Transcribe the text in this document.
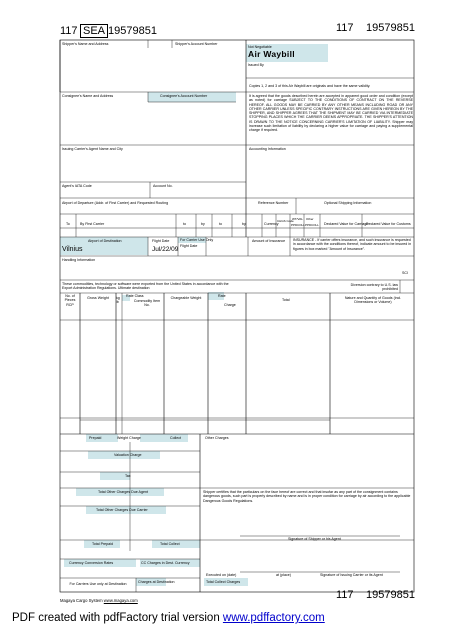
117 SEA 19579851	117 19579851
Shipper's Name and Address	Shipper's Account Number
Not Negotiable
Air Waybill
Issued By
Copies 1, 2 and 3 of this Air Waybill are originals and have the same validity.
Consignee's Name and Address	Consignee's Account Number	It is agreed that the goods described herein are accepted in apparent good order and condition (except as noted) for carriage SUBJECT TO THE CONDITIONS OF CONTRACT ON THE REVERSE HEREOF. ALL GOODS MAY BE CARRIED BY ANY OTHER MEANS INCLUDING ROAD OR ANY OTHER CARRIER UNLESS SPECIFIC CONTRARY INSTRUCTIONS ARE GIVEN HEREON BY THE SHIPPER, AND SHIPPER AGREES THAT THE SHIPMENT MAY BE CARRIED VIA INTERMEDIATE STOPPING PLACES WHICH THE CARRIER DEEMS APPROPRIATE. THE SHIPPER'S ATTENTION IS DRAWN TO THE NOTICE CONCERNING CARRIER'S LIMITATION OF LIABILITY. Shipper may increase such limitation of liability by declaring a higher value for carriage and paying a supplemental charge if required.
Issuing Carrier's Agent Name and City	Accounting Information
Agent's IATA Code	Account No.
Airport of Departure (Addr. of First Carrier) and Requested Routing	Reference Number	Optional Shipping Information
To	By First Carrier	to	by	to	by	Currency
CHGS Code
WT/VAL Other
PPD COLL PPD COLL Declared Value for Carriage
Declared Value for Customs
Airport of Destination
Vilnius
Flight Date
Jul/22/09
For Carrier Use Only
Flight Date
Amount of Insurance INSURANCE - If carrier offers insurance, and such insurance is requested in accordance with the conditions thereof, indicate amount to be insured in figures in box marked "Amount of Insurance".
Handling Information
These commodities, technology or software were exported from the United States in accordance with the Export Administration Regulations. Ultimate destination
Diversion contrary to U.S. law prohibited
SCI
No. of Pieces RCP
Gross Weight	kg lb
Rate Class
Commodity Item No.
Chargeable Weight	Rate
Charge
Total	Nature and Quantity of Goods (incl. Dimensions or Volume)
Prepaid	Weight Charge	Collect	Other Charges
Valuation Charge
Tax
Total Other Charges Due Agent
Total Other Charges Due Carrier
Shipper certifies that the particulars on the face hereof are correct and that insofar as any part of the consignment contains dangerous goods, such part is properly described by name and is in proper condition for carriage by air according to the applicable Dangerous Goods Regulations.
Signature of Shipper or his Agent
Total Prepaid	Total Collect
Currency Conversion Rates	CC Charges in Dest. Currency
For Carriers Use only at Destination	Charges at Destination	Total Collect Charges
Executed on (date)	at (place)	Signature of Issuing Carrier or its Agent
Magaya Cargo System www.magaya.com	117 19579851
PDF created with pdfFactory trial version www.pdffactory.com
